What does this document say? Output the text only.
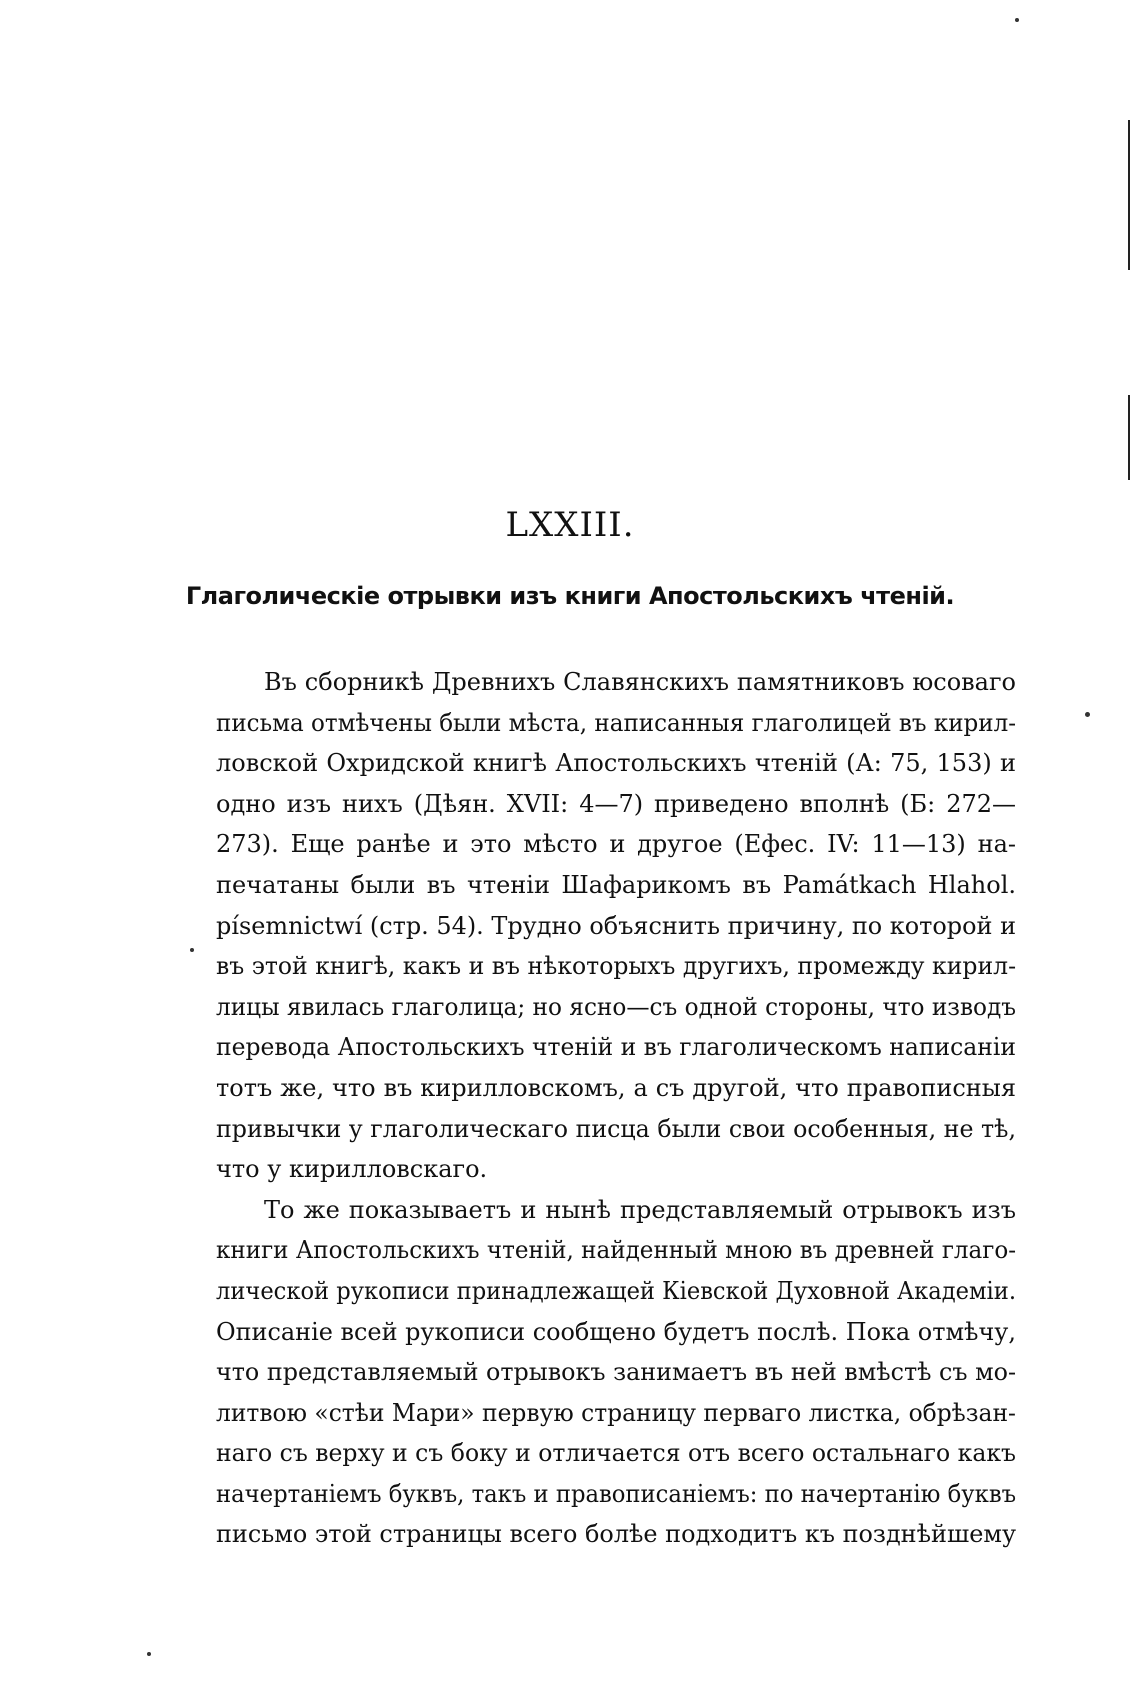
LXXIII.
Глаголическіе отрывки изъ книги Апостольскихъ чтеній.
Въ сборникѣ Древнихъ Славянскихъ памятниковъ юсоваго
письма отмѣчены были мѣста, написанныя глаголицей въ кирил-
ловской Охридской книгѣ Апостольскихъ чтеній (А: 75, 153) и
одно изъ нихъ (Дѣян. XVII: 4—7) приведено вполнѣ (Б: 272—
273). Еще ранѣе и это мѣсто и другое (Ефес. IV: 11—13) на-
печатаны были въ чтеніи Шафарикомъ въ Památkach Hlahol.
písemnictwí (стр. 54). Трудно объяснить причину, по которой и
въ этой книгѣ, какъ и въ нѣкоторыхъ другихъ, промежду кирил-
лицы явилась глаголица; но ясно—съ одной стороны, что изводъ
перевода Апостольскихъ чтеній и въ глаголическомъ написаніи
тотъ же, что въ кирилловскомъ, а съ другой, что правописныя
привычки у глаголическаго писца были свои особенныя, не тѣ,
что у кирилловскаго.
То же показываетъ и нынѣ представляемый отрывокъ изъ
книги Апостольскихъ чтеній, найденный мною въ древней глаго-
лической рукописи принадлежащей Кіевской Духовной Академіи.
Описаніе всей рукописи сообщено будетъ послѣ. Пока отмѣчу,
что представляемый отрывокъ занимаетъ въ ней вмѣстѣ съ мо-
литвою «стѣи Мари» первую страницу перваго листка, обрѣзан-
наго съ верху и съ боку и отличается отъ всего остальнаго какъ
начертаніемъ буквъ, такъ и правописаніемъ: по начертанію буквъ
письмо этой страницы всего болѣе подходитъ къ позднѣйшему
